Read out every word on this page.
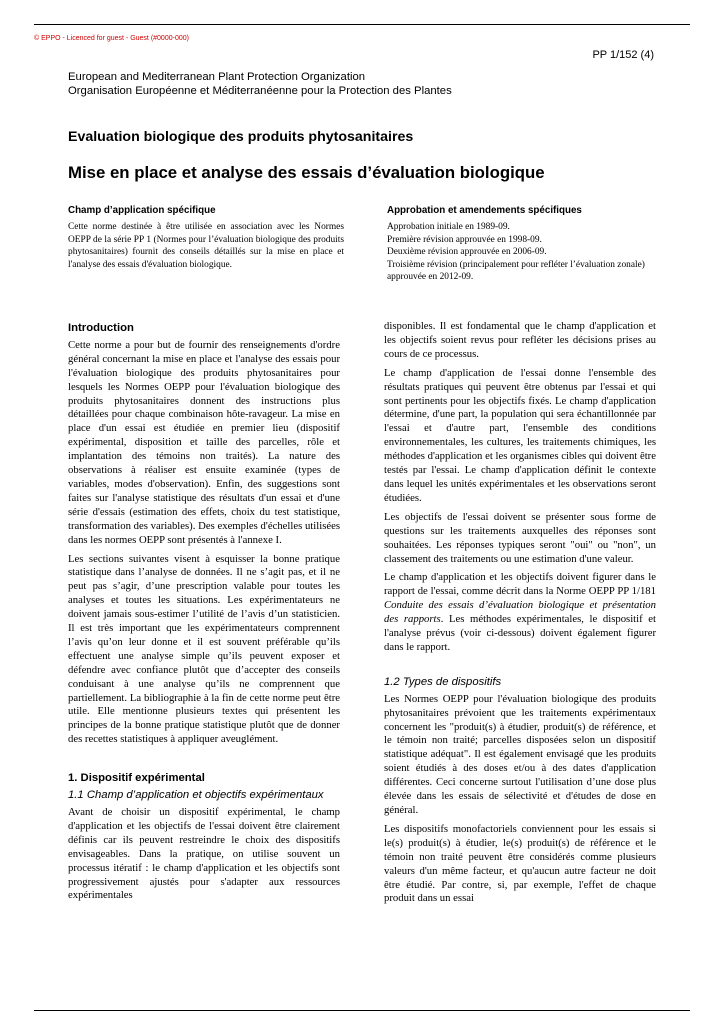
© EPPO - Licenced for guest - Guest (#0000-000)
PP 1/152 (4)
European and Mediterranean Plant Protection Organization
Organisation Européenne et Méditerranéenne pour la Protection des Plantes
Evaluation biologique des produits phytosanitaires
Mise en place et analyse des essais d’évaluation biologique
Champ d’application spécifique
Cette norme destinée à être utilisée en association avec les Normes OEPP de la série PP 1 (Normes pour l’évaluation biologique des produits phytosanitaires) fournit des conseils détaillés sur la mise en place et l'analyse des essais d'évaluation biologique.
Approbation et amendements spécifiques

Approbation initiale en 1989-09.

Première révision approuvée en 1998-09.

Deuxième révision approuvée en 2006-09.

Troisième révision (principalement pour refléter l’évaluation zonale) approuvée en 2012-09.

Introduction

Cette norme a pour but de fournir des renseignements d'ordre général concernant la mise en place et l'analyse des essais pour l'évaluation biologique des produits phytosanitaires pour lesquels les Normes OEPP pour l'évaluation biologique des produits phytosanitaires donnent des instructions plus détaillées pour chaque combinaison hôte-ravageur. La mise en place d'un essai est étudiée en premier lieu (dispositif expérimental, disposition et taille des parcelles, rôle et implantation des témoins non traités). La nature des observations à réaliser est ensuite examinée (types de variables, modes d'observation). Enfin, des suggestions sont faites sur l'analyse statistique des résultats d'un essai et d'une série d'essais (estimation des effets, choix du test statistique, transformation des variables). Des exemples d'échelles utilisées dans les normes OEPP sont présentés à l'annexe I.

Les sections suivantes visent à esquisser la bonne pratique statistique dans l’analyse de données. Il ne s’agit pas, et il ne peut pas s’agir, d’une prescription valable pour toutes les analyses et toutes les situations. Les expérimentateurs ne doivent jamais sous-estimer l’utilité de l’avis d’un statisticien. Il est très important que les expérimentateurs comprennent l’avis qu’on leur donne et il est souvent préférable qu’ils effectuent une analyse simple qu’ils peuvent exposer et défendre avec confiance plutôt que d’accepter des conseils conduisant à une analyse qu’ils ne comprennent que partiellement. La bibliographie à la fin de cette norme peut être utile. Elle mentionne plusieurs textes qui présentent les principes de la bonne pratique statistique plutôt que de donner des recettes statistiques à appliquer aveuglément.

1. Dispositif expérimental
1.1 Champ d’application et objectifs expérimentaux

Avant de choisir un dispositif expérimental, le champ d'application et les objectifs de l'essai doivent être clairement définis car ils peuvent restreindre le choix des dispositifs envisageables. Dans la pratique, on utilise souvent un processus itératif : le champ d'application et les objectifs sont progressivement ajustés pour s'adapter aux ressources expérimentales

disponibles. Il est fondamental que le champ d'application et les objectifs soient revus pour refléter les décisions prises au cours de ce processus.

Le champ d'application de l'essai donne l'ensemble des résultats pratiques qui peuvent être obtenus par l'essai et qui sont pertinents pour les objectifs fixés. Le champ d'application détermine, d'une part, la population qui sera échantillonnée par l'essai et d'autre part, l'ensemble des conditions environnementales, les cultures, les traitements chimiques, les méthodes d'application et les organismes cibles qui doivent être testés par l'essai. Le champ d'application définit le contexte dans lequel les unités expérimentales et les observations seront étudiées.

Les objectifs de l'essai doivent se présenter sous forme de questions sur les traitements auxquelles des réponses sont souhaitées. Les réponses typiques seront "oui" ou "non", un classement des traitements ou une estimation d'une valeur.

Le champ d'application et les objectifs doivent figurer dans le rapport de l'essai, comme décrit dans la Norme OEPP PP 1/181 Conduite des essais d’évaluation biologique et présentation des rapports. Les méthodes expérimentales, le dispositif et l'analyse prévus (voir ci-dessous) doivent également figurer dans le rapport.

1.2 Types de dispositifs

Les Normes OEPP pour l'évaluation biologique des produits phytosanitaires prévoient que les traitements expérimentaux concernent les "produit(s) à étudier, produit(s) de référence, et le témoin non traité; parcelles disposées selon un dispositif statistique adéquat". Il est également envisagé que les produits soient étudiés à des doses et/ou à des dates d'application différentes. Ceci concerne surtout l'utilisation d’une dose plus élevée dans les essais de sélectivité et d'études de dose en général.

Les dispositifs monofactoriels conviennent pour les essais si le(s) produit(s) à étudier, le(s) produit(s) de référence et le témoin non traité peuvent être considérés comme plusieurs valeurs d'un même facteur, et qu'aucun autre facteur ne doit être étudié. Par contre, si, par exemple, l'effet de chaque produit dans un essai
